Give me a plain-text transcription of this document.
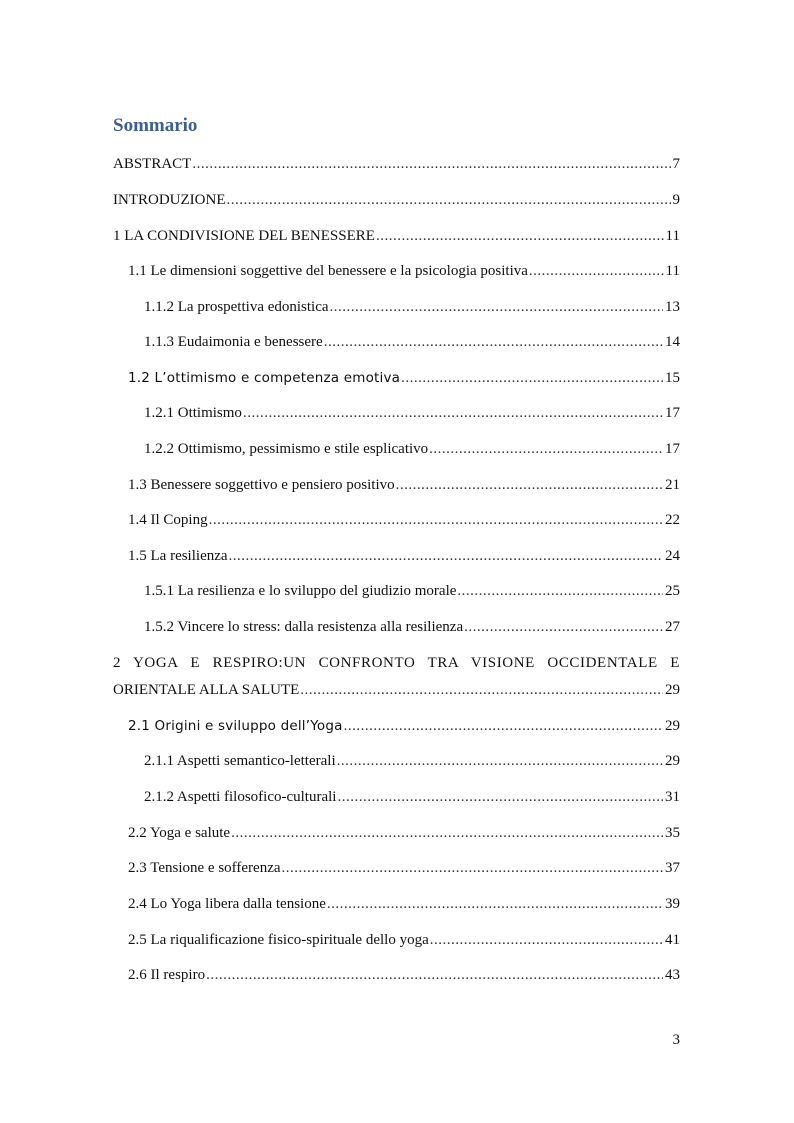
Sommario
ABSTRACT .....	7
INTRODUZIONE .....	9
1 LA CONDIVISIONE DEL BENESSERE .....	11
1.1 Le dimensioni soggettive del benessere e la psicologia positiva .....	11
1.1.2 La prospettiva edonistica .....	13
1.1.3 Eudaimonia e benessere .....	14
1.2 L’ottimismo e competenza emotiva .....	15
1.2.1 Ottimismo .....	17
1.2.2 Ottimismo, pessimismo e stile esplicativo .....	17
1.3 Benessere soggettivo e pensiero positivo .....	21
1.4 Il Coping .....	22
1.5 La resilienza .....	24
1.5.1 La resilienza e lo sviluppo del giudizio morale .....	25
1.5.2 Vincere lo stress: dalla resistenza alla resilienza .....	27
2 YOGA E RESPIRO:UN CONFRONTO TRA VISIONE OCCIDENTALE E
ORIENTALE ALLA SALUTE .....	29
2.1 Origini e sviluppo dell’Yoga .....	29
2.1.1 Aspetti semantico-letterali .....	29
2.1.2 Aspetti filosofico-culturali .....	31
2.2 Yoga e salute .....	35
2.3 Tensione e sofferenza .....	37
2.4 Lo Yoga libera dalla tensione .....	39
2.5 La riqualificazione fisico-spirituale dello yoga .....	41
2.6 Il respiro .....	43
3
